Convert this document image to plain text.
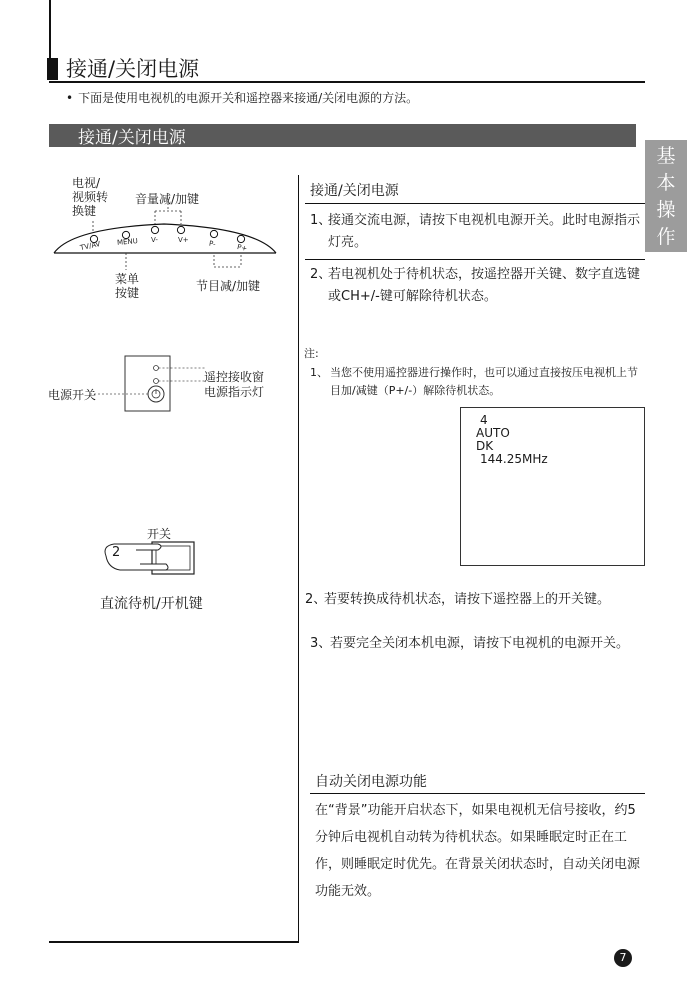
接通/关闭电源
• 下面是使用电视机的电源开关和遥控器来接通/关闭电源的方法。
接通/关闭电源
基
本
操
作
电视/
视频转
换键
音量减/加键
TV/AV MENU V-	V+	P-	P+
菜单
按键	节目减/加键
电源开关
遥控接收窗
电源指示灯
开关
2
直流待机/开机键
接通/关闭电源
1、
接通交流电源，请按下电视机电源开关。此时电源指示灯亮。
2、
若电视机处于待机状态，按遥控器开关键、数字直选键或CH+/-键可解除待机状态。
注:
1、 当您不使用遥控器进行操作时，也可以通过直接按压电视机上节目加/减键（P+/-）解除待机状态。
4
AUTO
DK
144.25MHz
2、
若要转换成待机状态，请按下遥控器上的开关键。
3、
若要完全关闭本机电源，请按下电视机的电源开关。
自动关闭电源功能
在“背景”功能开启状态下，如果电视机无信号接收，约5分钟后电视机自动转为待机状态。如果睡眠定时正在工作，则睡眠定时优先。在背景关闭状态时，自动关闭电源功能无效。
7
